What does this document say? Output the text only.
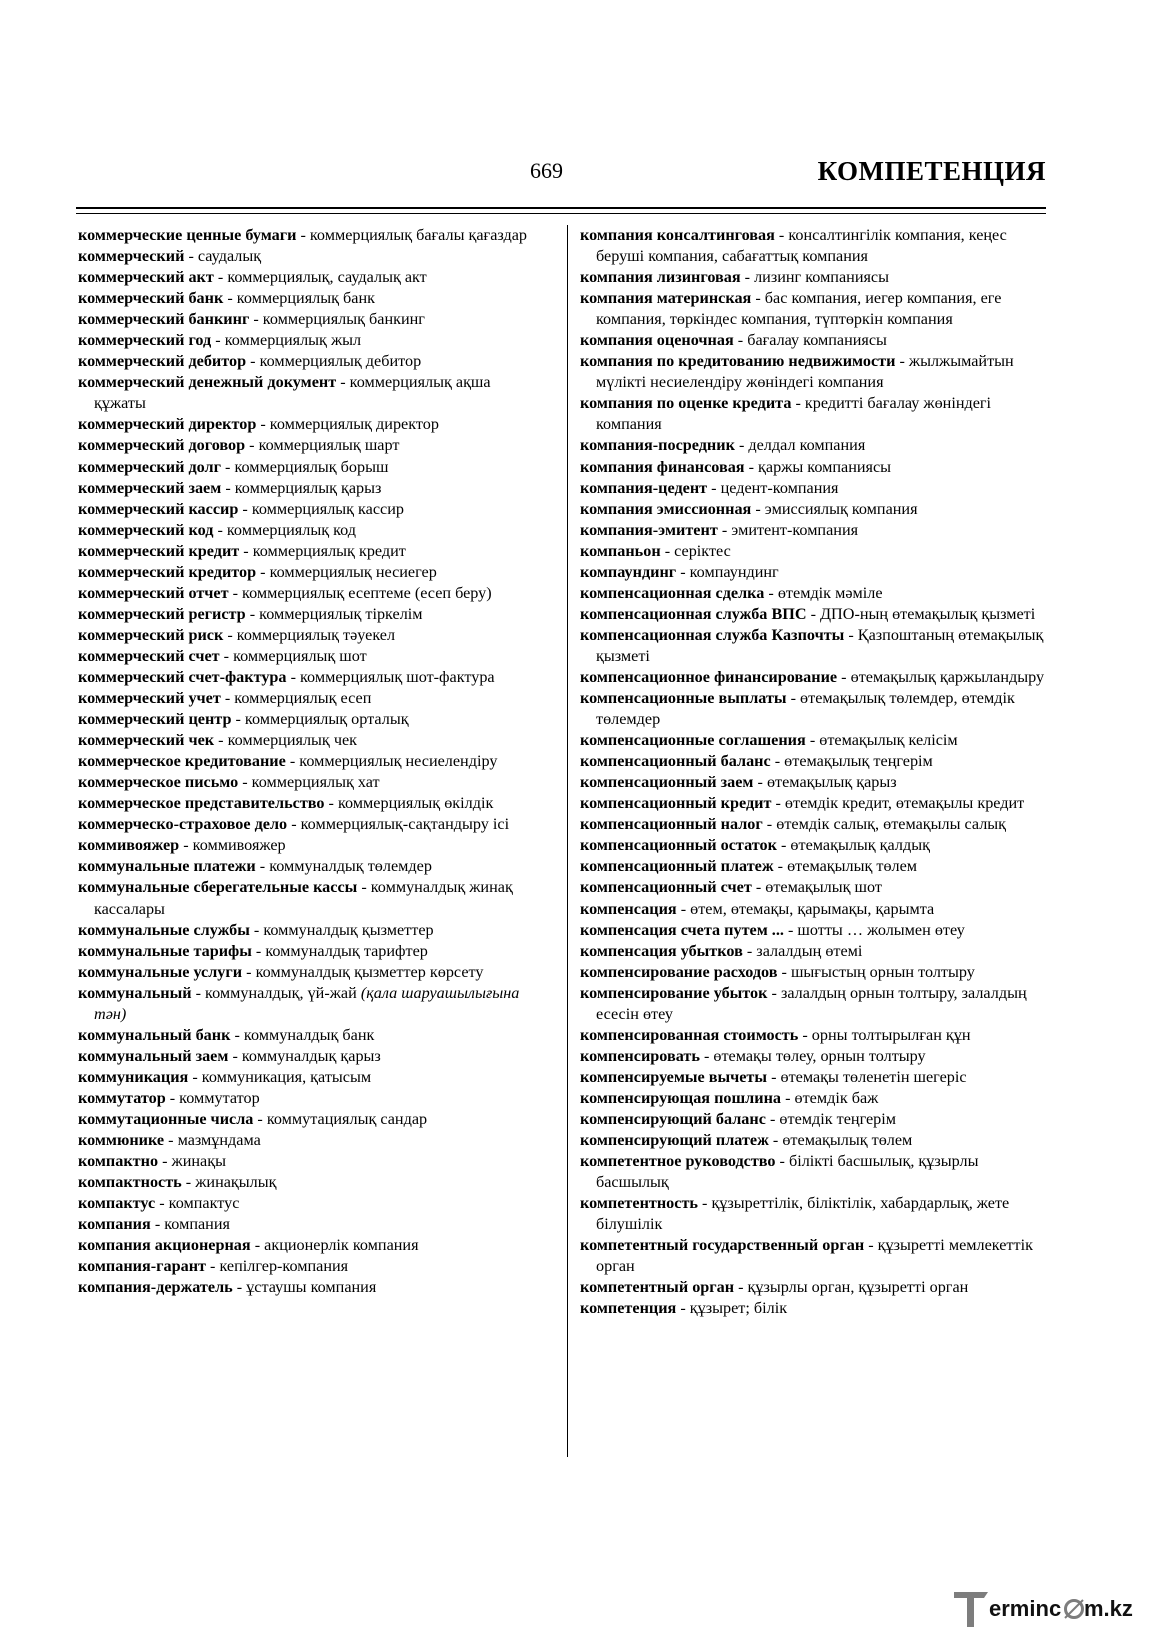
669	КОМПЕТЕНЦИЯ
коммерческие ценные бумаги - коммерциялық бағалы қағаздар
коммерческий - саудалық
коммерческий акт - коммерциялық, саудалық акт
коммерческий банк - коммерциялық банк
коммерческий банкинг - коммерциялық банкинг
коммерческий год - коммерциялық жыл
коммерческий дебитор - коммерциялық дебитор
коммерческий денежный документ - коммерциялық ақша құжаты
коммерческий директор - коммерциялық директор
коммерческий договор - коммерциялық шарт
коммерческий долг - коммерциялық борыш
коммерческий заем - коммерциялық қарыз
коммерческий кассир - коммерциялық кассир
коммерческий код - коммерциялық код
коммерческий кредит - коммерциялық кредит
коммерческий кредитор - коммерциялық несиегер
коммерческий отчет - коммерциялық есептеме (есеп беру)
коммерческий регистр - коммерциялық тіркелім
коммерческий риск - коммерциялық тәуекел
коммерческий счет - коммерциялық шот
коммерческий счет-фактура - коммерциялық шот-фактура
коммерческий учет - коммерциялық есеп
коммерческий центр - коммерциялық орталық
коммерческий чек - коммерциялық чек
коммерческое кредитование - коммерциялық несиелендіру
коммерческое письмо - коммерциялық хат
коммерческое представительство - коммерциялық өкілдік
коммерческо-страховое дело - коммерциялық-сақтандыру ісі
коммивояжер - коммивояжер
коммунальные платежи - коммуналдық төлемдер
коммунальные сберегательные кассы - коммуналдық жинақ кассалары
коммунальные службы - коммуналдық қызметтер
коммунальные тарифы - коммуналдық тарифтер
коммунальные услуги - коммуналдық қызметтер көрсету
коммунальный - коммуналдық, үй-жай (қала шаруашылығына тән)
коммунальный банк - коммуналдық банк
коммунальный заем - коммуналдық қарыз
коммуникация - коммуникация, қатысым
коммутатор - коммутатор
коммутационные числа - коммутациялық сандар
коммюнике - мазмұндама
компактно - жинақы
компактность - жинақылық
компактус - компактус
компания - компания
компания акционерная - акционерлік компания
компания-гарант - кепілгер-компания
компания-держатель - ұстаушы компания
компания консалтинговая - консалтингілік компания, кеңес беруші компания, сабағаттық компания
компания лизинговая - лизинг компаниясы
компания материнская - бас компания, иегер компания, еге компания, төркіндес компания, түптөркін компания
компания оценочная - бағалау компаниясы
компания по кредитованию недвижимости - жылжымайтын мүлікті несиелендіру жөніндегі компания
компания по оценке кредита - кредитті бағалау жөніндегі компания
компания-посредник - делдал компания
компания финансовая - қаржы компаниясы
компания-цедент - цедент-компания
компания эмиссионная - эмиссиялық компания
компания-эмитент - эмитент-компания
компаньон - серіктес
компаундинг - компаундинг
компенсационная сделка - өтемдік мәміле
компенсационная служба ВПС - ДПО-ның өтемақылық қызметі
компенсационная служба Казпочты - Қазпоштаның өтемақылық қызметі
компенсационное финансирование - өтемақылық қаржыландыру
компенсационные выплаты - өтемақылық төлемдер, өтемдік төлемдер
компенсационные соглашения - өтемақылық келісім
компенсационный баланс - өтемақылық теңгерім
компенсационный заем - өтемақылық қарыз
компенсационный кредит - өтемдік кредит, өтемақылы кредит
компенсационный налог - өтемдік салық, өтемақылы салық
компенсационный остаток - өтемақылық қалдық
компенсационный платеж - өтемақылық төлем
компенсационный счет - өтемақылық шот
компенсация - өтем, өтемақы, қарымақы, қарымта
компенсация счета путем ... - шотты … жолымен өтеу
компенсация убытков - залалдың өтемі
компенсирование расходов - шығыстың орнын толтыру
компенсирование убыток - залалдың орнын толтыру, залалдың есесін өтеу
компенсированная стоимость - орны толтырылған құн
компенсировать - өтемақы төлеу, орнын толтыру
компенсируемые вычеты - өтемақы төленетін шегеріс
компенсирующая пошлина - өтемдік баж
компенсирующий баланс - өтемдік теңгерім
компенсирующий платеж - өтемақылық төлем
компетентное руководство - білікті басшылық, құзырлы басшылық
компетентность - құзыреттілік, біліктілік, хабардарлық, жете білушілік
компетентный государственный орган - құзыретті мемлекеттік орган
компетентный орган - құзырлы орган, құзыретті орган
компетенция - құзырет; білік
ermin c m.kz
